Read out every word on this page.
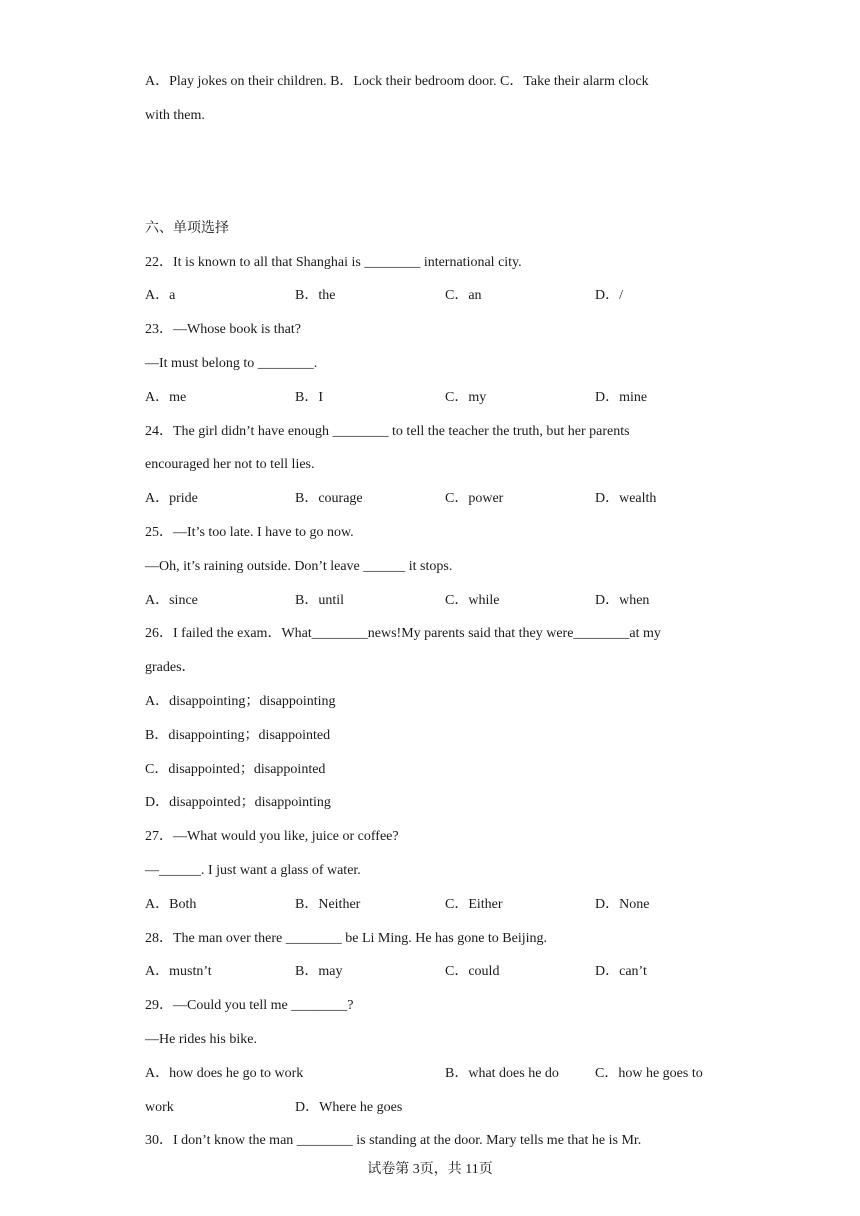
A．Play jokes on their children. B．Lock their bedroom door. C．Take their alarm clock
with them.
六、单项选择
22．It is known to all that Shanghai is ________ international city.
A．a	B．the	C．an	D．/
23．—Whose book is that?
—It must belong to ________.
A．me	B．I	C．my	D．mine
24．The girl didn’t have enough ________ to tell the teacher the truth, but her parents
encouraged her not to tell lies.
A．pride	B．courage	C．power	D．wealth
25．—It’s too late. I have to go now.
—Oh, it’s raining outside. Don’t leave ______ it stops.
A．since	B．until	C．while	D．when
26．I failed the exam．What________news!My parents said that they were________at my
grades．
A．disappointing；disappointing
B．disappointing；disappointed
C．disappointed；disappointed
D．disappointed；disappointing
27．—What would you like, juice or coffee?
—______. I just want a glass of water.
A．Both	B．Neither	C．Either	D．None
28．The man over there ________ be Li Ming. He has gone to Beijing.
A．mustn’t	B．may	C．could	D．can’t
29．—Could you tell me ________?
—He rides his bike.
A．how does he go to work	B．what does he do	C．how he goes to
work	D．Where he goes
30．I don’t know the man ________ is standing at the door. Mary tells me that he is Mr.
试卷第 3页，共 11页
